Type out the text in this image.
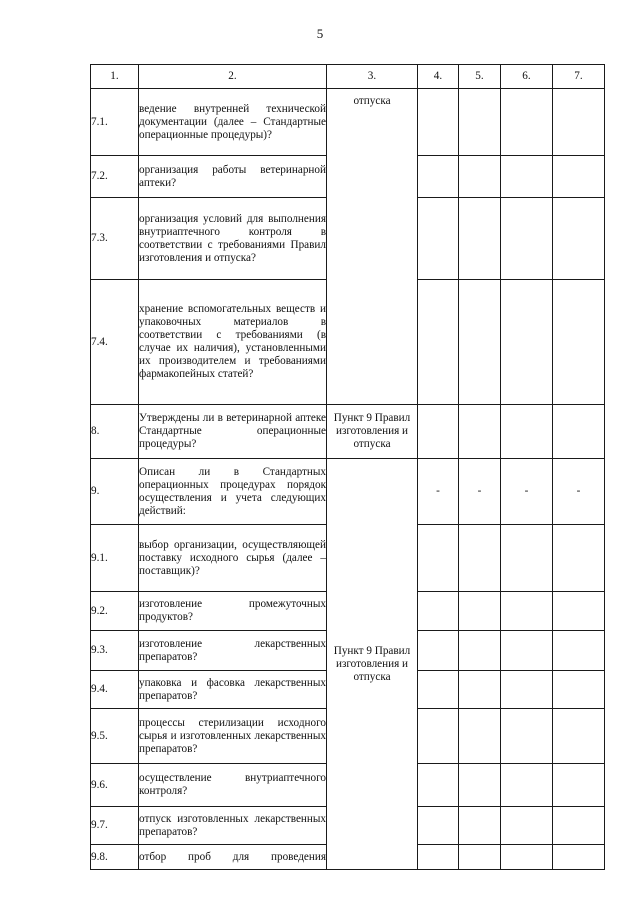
5
1.	2.	3.	4.	5.	6.	7.
7.1.	ведение внутренней технической документации (далее – Стандартные операционные процедуры)?	отпуска				
7.2.	организация работы ветеринарной аптеки?					

7.3.	организация условий для выполнения внутриаптечного контроля в соответствии с требованиями Правил изготовления и отпуска?					

7.4.	хранение вспомогательных веществ и упаковочных материалов в соответствии с требованиями (в случае их наличия), установленными их производителем и требованиями фармакопейных статей?					

8.	Утверждены ли в ветеринарной аптеке Стандартные операционные процедуры?	Пункт 9 Правил изготовления и отпуска				
9.	Описан ли в Стандартных операционных процедурах порядок осуществления и учета следующих действий:	Пункт 9 Правил изготовления и отпуска	-	-	-	-
9.1.	выбор организации, осуществляющей поставку исходного сырья (далее – поставщик)?					

9.2.	изготовление промежуточных продуктов?					

9.3.	изготовление лекарственных препаратов?					

9.4.	упаковка и фасовка лекарственных препаратов?					

9.5.	процессы стерилизации исходного сырья и изготовленных лекарственных препаратов?					

9.6.	осуществление внутриаптечного контроля?					

9.7.	отпуск изготовленных лекарственных препаратов?					

9.8.	отбор проб для проведения					
